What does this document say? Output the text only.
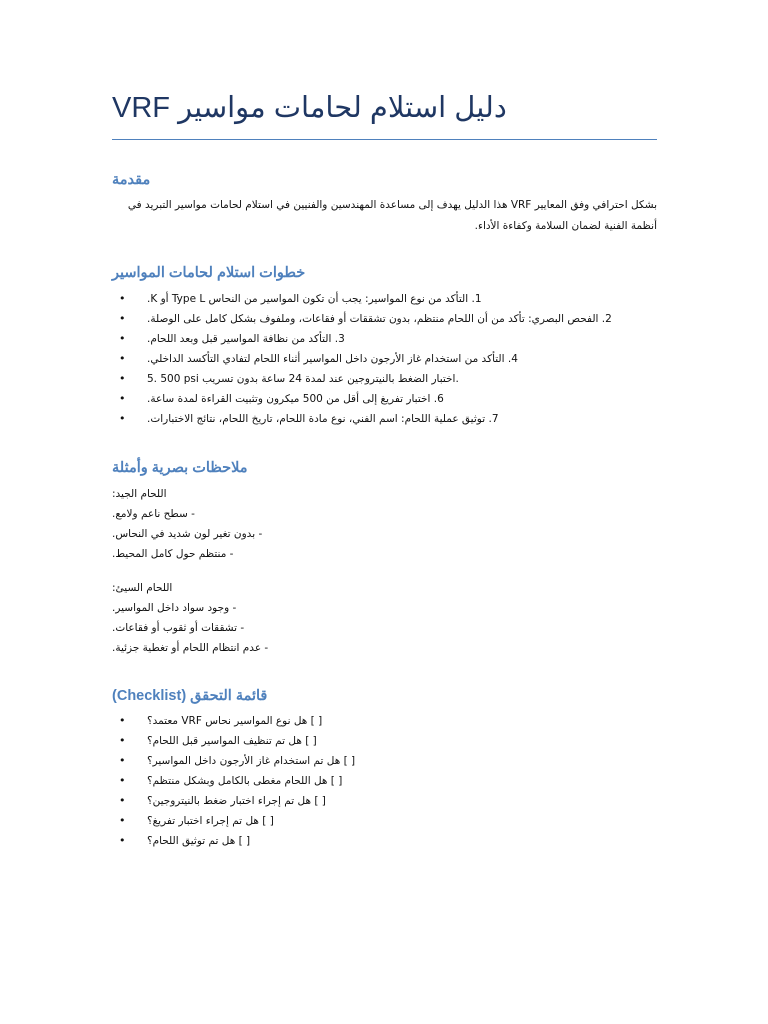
VRF دليل استلام لحامات مواسير
مقدمة
بشكل احترافي وفق المعايير VRF هذا الدليل يهدف إلى مساعدة المهندسين والفنيين في استلام لحامات مواسير التبريد في أنظمة الفنية لضمان السلامة وكفاءة الأداء.
خطوات استلام لحامات المواسير
• 1. التأكد من نوع المواسير: يجب أن تكون المواسير من النحاس Type L أو K.
• 2. الفحص البصري: تأكد من أن اللحام منتظم، بدون تشققات أو فقاعات، وملفوف بشكل كامل على الوصلة.
• 3. التأكد من نظافة المواسير قبل وبعد اللحام.
• 4. التأكد من استخدام غاز الأرجون داخل المواسير أثناء اللحام لتفادي التأكسد الداخلي.
• 5. 500 psi اختبار الضغط بالنيتروجين عند لمدة 24 ساعة بدون تسريب.
• 6. اختبار تفريغ إلى أقل من 500 ميكرون وتثبيت القراءة لمدة ساعة.
• 7. توثيق عملية اللحام: اسم الفني، نوع مادة اللحام، تاريخ اللحام، نتائج الاختبارات.
ملاحظات بصرية وأمثلة
اللحام الجيد:
- سطح ناعم ولامع.
- بدون تغير لون شديد في النحاس.
- منتظم حول كامل المحيط.
اللحام السيئ:
- وجود سواد داخل المواسير.
- تشققات أو ثقوب أو فقاعات.
- عدم انتظام اللحام أو تغطية جزئية.
قائمة التحقق (Checklist)
• [ ] هل نوع المواسير نحاس VRF معتمد؟
• [ ] هل تم تنظيف المواسير قبل اللحام؟
• [ ] هل تم استخدام غاز الأرجون داخل المواسير؟
• [ ] هل اللحام مغطى بالكامل وبشكل منتظم؟
• [ ] هل تم إجراء اختبار ضغط بالنيتروجين؟
• [ ] هل تم إجراء اختبار تفريغ؟
• [ ] هل تم توثيق اللحام؟
